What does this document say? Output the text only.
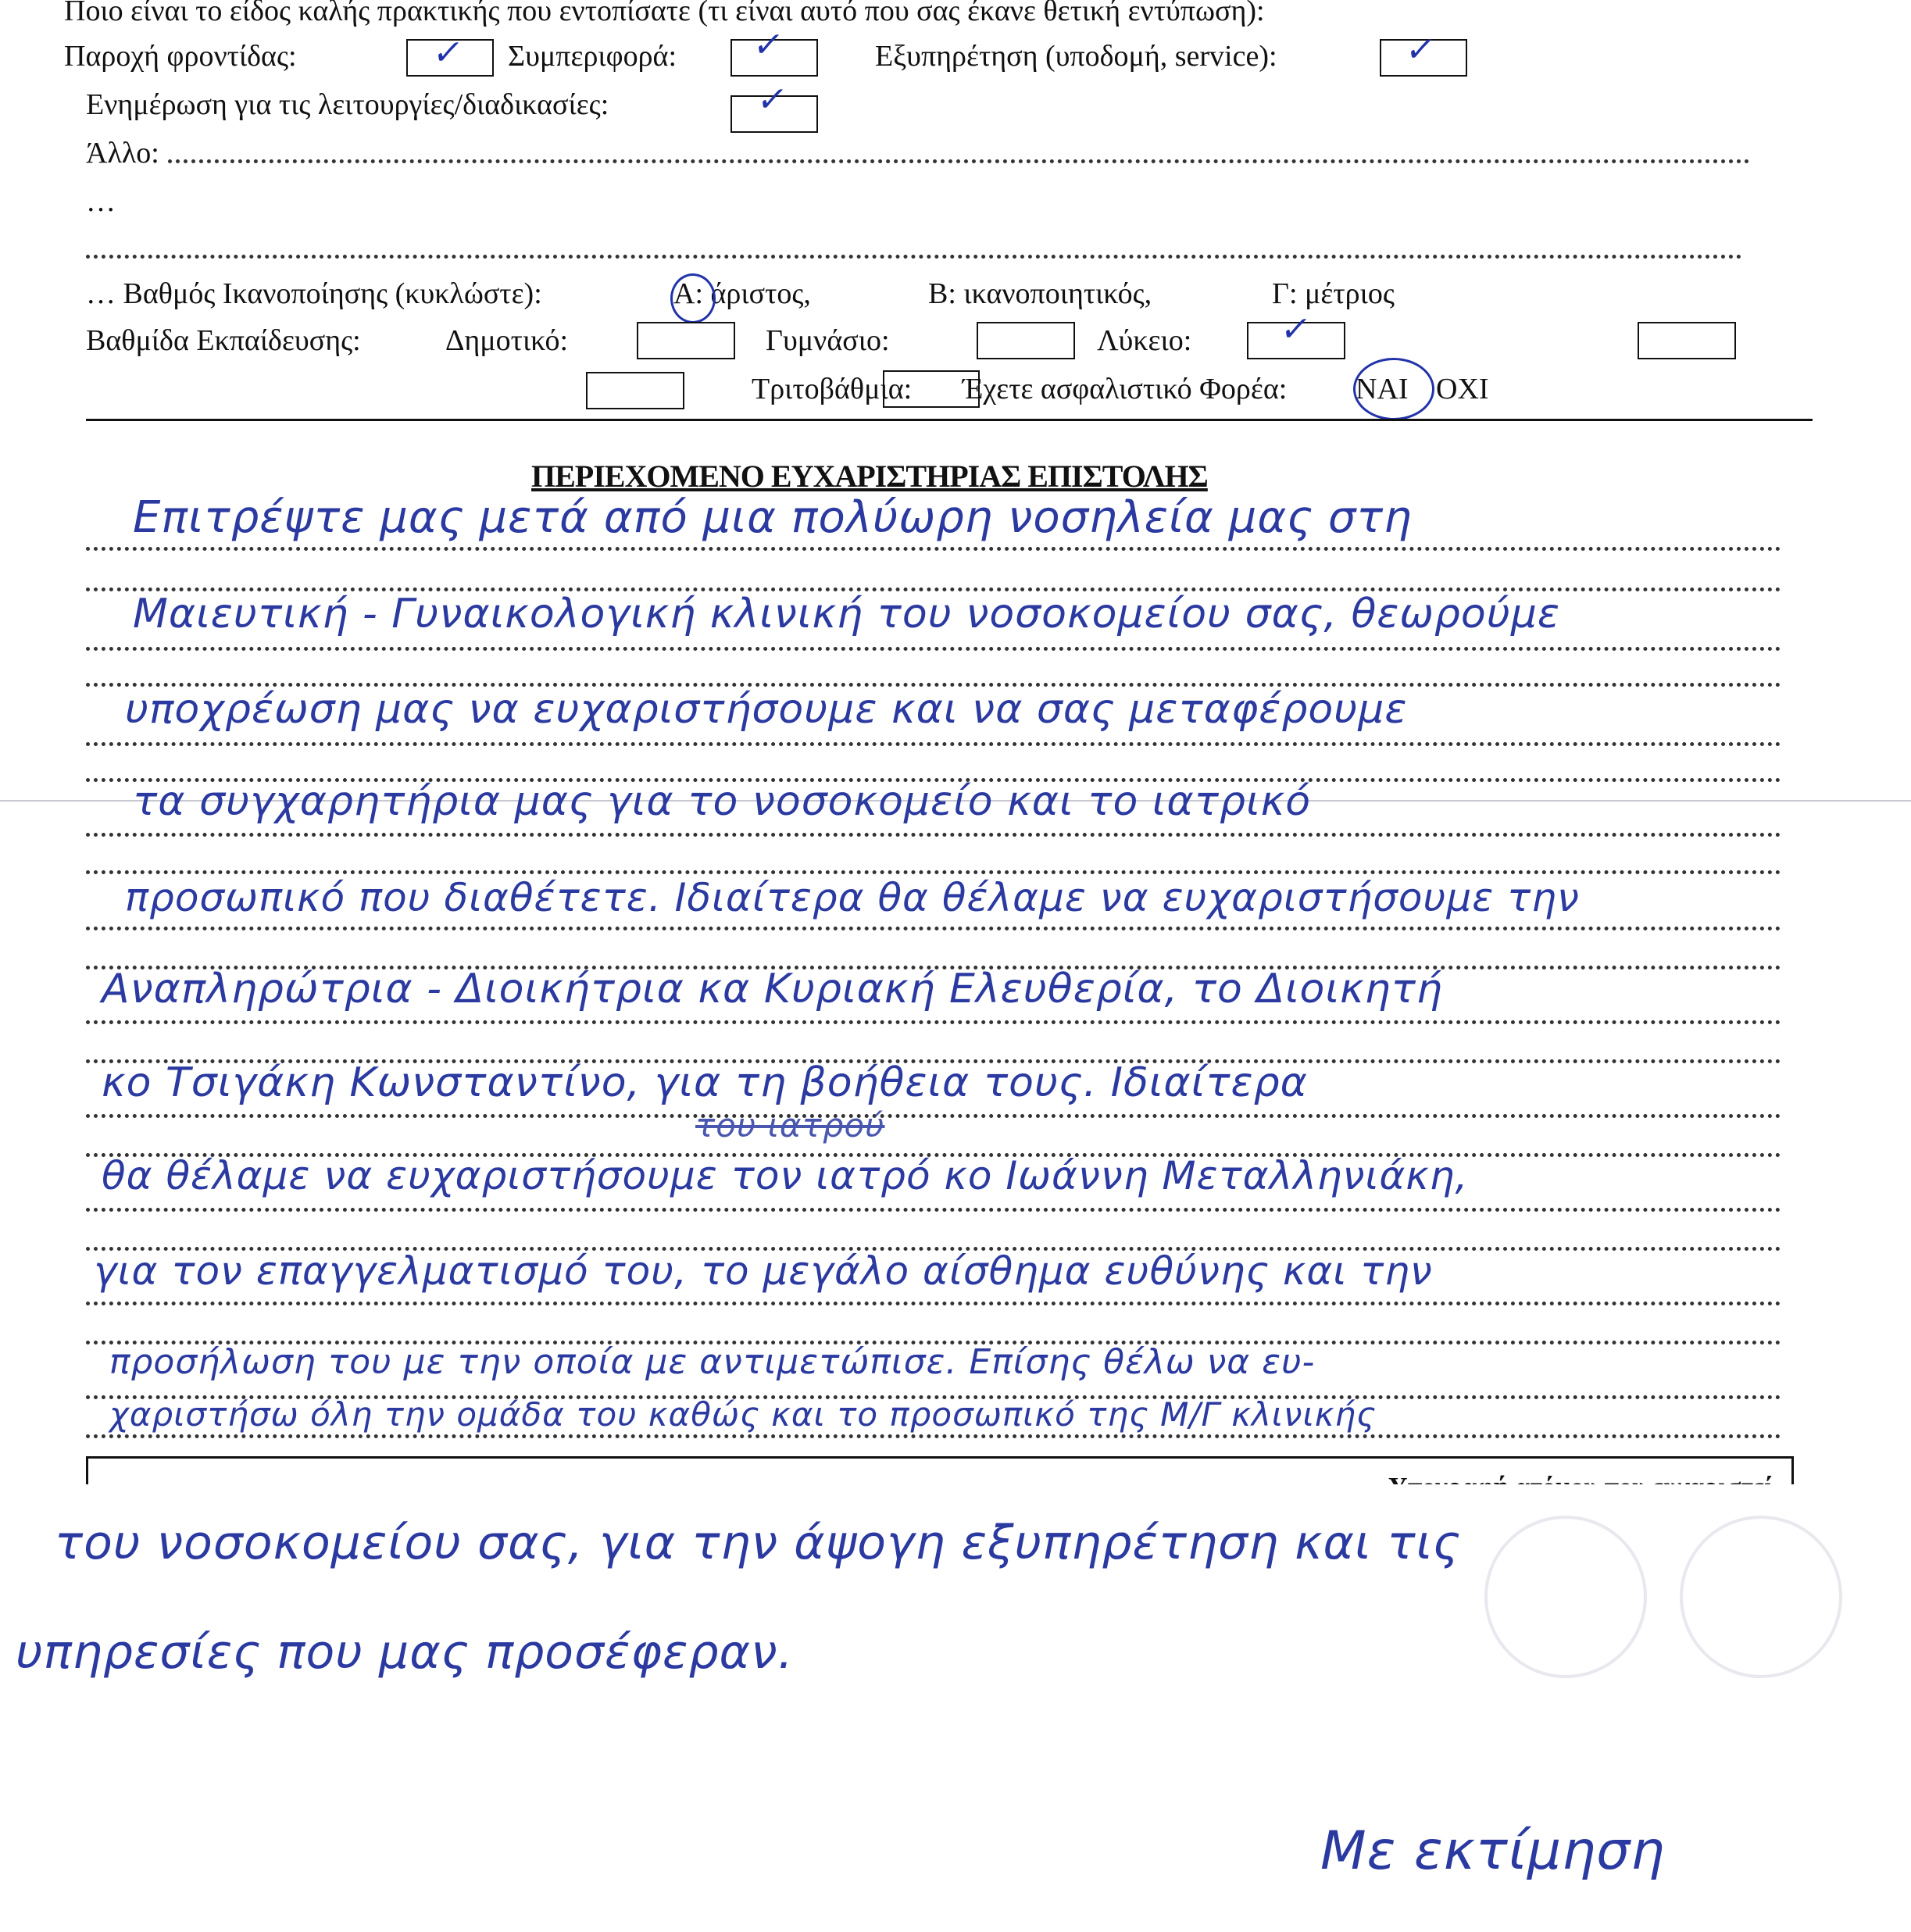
Ποιο είναι το είδος καλής πρακτικής που εντοπίσατε (τι είναι αυτό που σας έκανε θετική εντύπωση):
Παροχή φροντίδας:	✓ Συμπεριφορά: ✓	Εξυπηρέτηση (υποδομή, service):	✓
Ενημέρωση για τις λειτουργίες/διαδικασίες:	✓
Άλλο:
…
… Βαθμός Ικανοποίησης (κυκλώστε):	Α: άριστος,	Β: ικανοποιητικός,	Γ: μέτριος
Βαθμίδα Εκπαίδευσης:	Δημοτικό:	Γυμνάσιο:	Λύκειο:	✓
Τριτοβάθμια: Έχετε ασφαλιστικό Φορέα: ΝΑΙ ΟΧΙ
ΠΕΡΙΕΧΟΜΕΝΟ ΕΥΧΑΡΙΣΤΗΡΙΑΣ ΕΠΙΣΤΟΛΗΣ
Επιτρέψτε μας μετά από μια πολύωρη νοσηλεία μας στη
Μαιευτική - Γυναικολογική κλινική του νοσοκομείου σας, θεωρούμε
υποχρέωση μας να ευχαριστήσουμε και να σας μεταφέρουμε
τα συγχαρητήρια μας για το νοσοκομείο και το ιατρικό
προσωπικό που διαθέτετε. Ιδιαίτερα θα θέλαμε να ευχαριστήσουμε την
Αναπληρώτρια - Διοικήτρια κα Κυριακή Ελευθερία, το Διοικητή
κο Τσιγάκη Κωνσταντίνο, για τη βοήθεια τους. Ιδιαίτερα
θα θέλαμε να ευχαριστήσουμε τον ιατρό κο Ιωάννη Μεταλληνιάκη,
για τον επαγγελματισμό του, το μεγάλο αίσθημα ευθύνης και την
προσήλωση του με την οποία με αντιμετώπισε. Επίσης θέλω να ευ-
χαριστήσω όλη την ομάδα του καθώς και το προσωπικό της Μ/Γ κλινικής
του ιατρού
του νοσοκομείου σας, για την άψογη εξυπηρέτηση και τις
υπηρεσίες που μας προσέφεραν.
Με εκτίμηση
